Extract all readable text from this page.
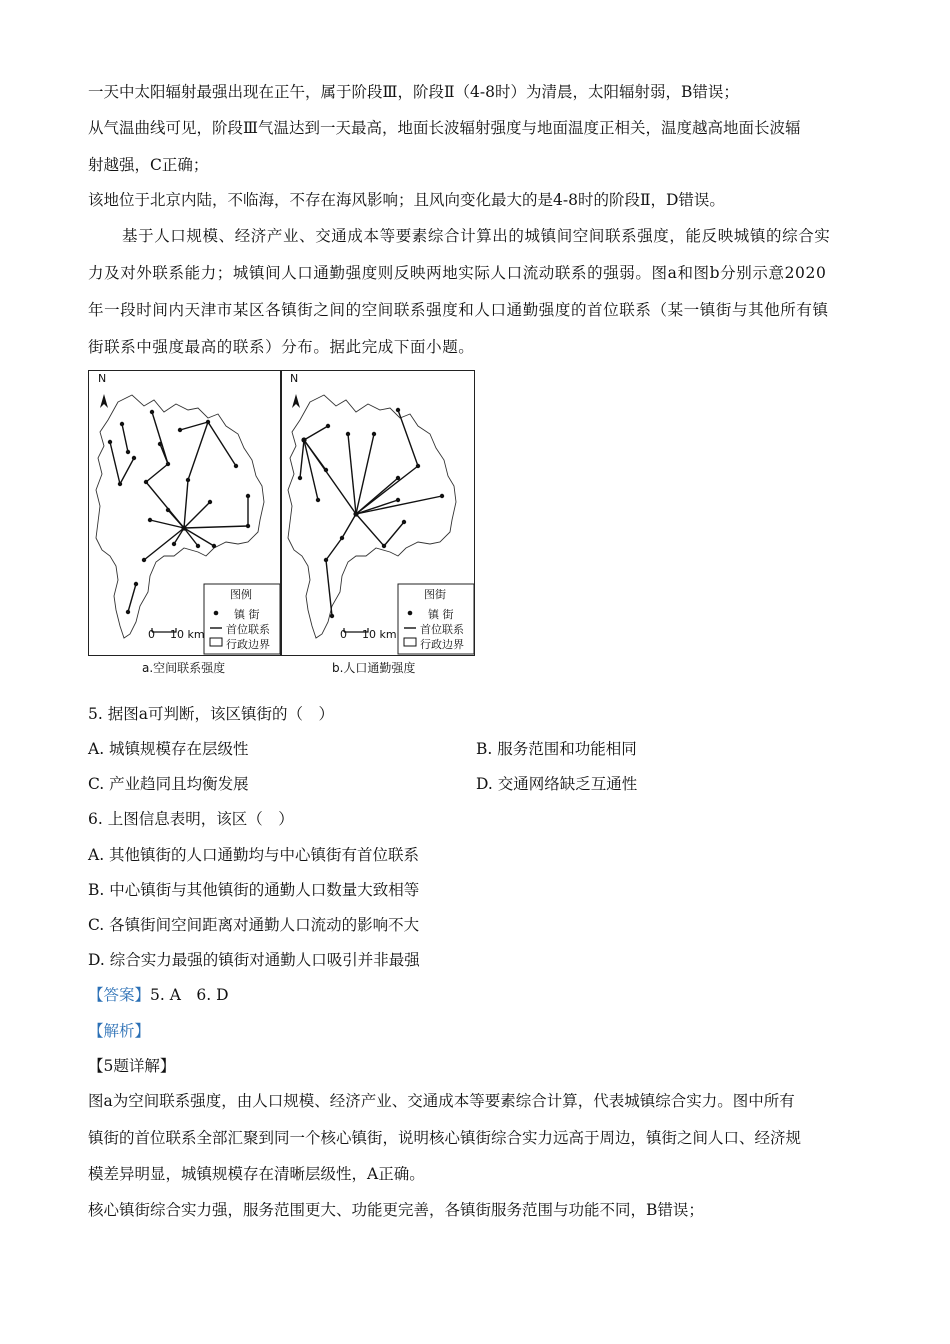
一天中太阳辐射最强出现在正午，属于阶段Ⅲ，阶段Ⅱ（4-8时）为清晨，太阳辐射弱，B错误；
从气温曲线可见，阶段Ⅲ气温达到一天最高，地面长波辐射强度与地面温度正相关，温度越高地面长波辐
射越强，C正确；
该地位于北京内陆，不临海，不存在海风影响；且风向变化最大的是4-8时的阶段Ⅱ，D错误。
基于人口规模、经济产业、交通成本等要素综合计算出的城镇间空间联系强度，能反映城镇的综合实
力及对外联系能力；城镇间人口通勤强度则反映两地实际人口流动联系的强弱。图a和图b分别示意2020
年一段时间内天津市某区各镇街之间的空间联系强度和人口通勤强度的首位联系（某一镇街与其他所有镇
街联系中强度最高的联系）分布。据此完成下面小题。
N	N
图例
镇 街
首位联系
行政边界
图街
镇 街
首位联系
行政边界
0 10 km	0 10 km
a.空间联系强度	b.人口通勤强度
5. 据图a可判断，该区镇街的（　）
A. 城镇规模存在层级性	B. 服务范围和功能相同
C. 产业趋同且均衡发展	D. 交通网络缺乏互通性
6. 上图信息表明，该区（　）
A. 其他镇街的人口通勤均与中心镇街有首位联系
B. 中心镇街与其他镇街的通勤人口数量大致相等
C. 各镇街间空间距离对通勤人口流动的影响不大
D. 综合实力最强的镇街对通勤人口吸引并非最强
【答案】5. A　6. D
【解析】
【5题详解】
图a为空间联系强度，由人口规模、经济产业、交通成本等要素综合计算，代表城镇综合实力。图中所有
镇街的首位联系全部汇聚到同一个核心镇街，说明核心镇街综合实力远高于周边，镇街之间人口、经济规
模差异明显，城镇规模存在清晰层级性，A正确。
核心镇街综合实力强，服务范围更大、功能更完善，各镇街服务范围与功能不同，B错误；
